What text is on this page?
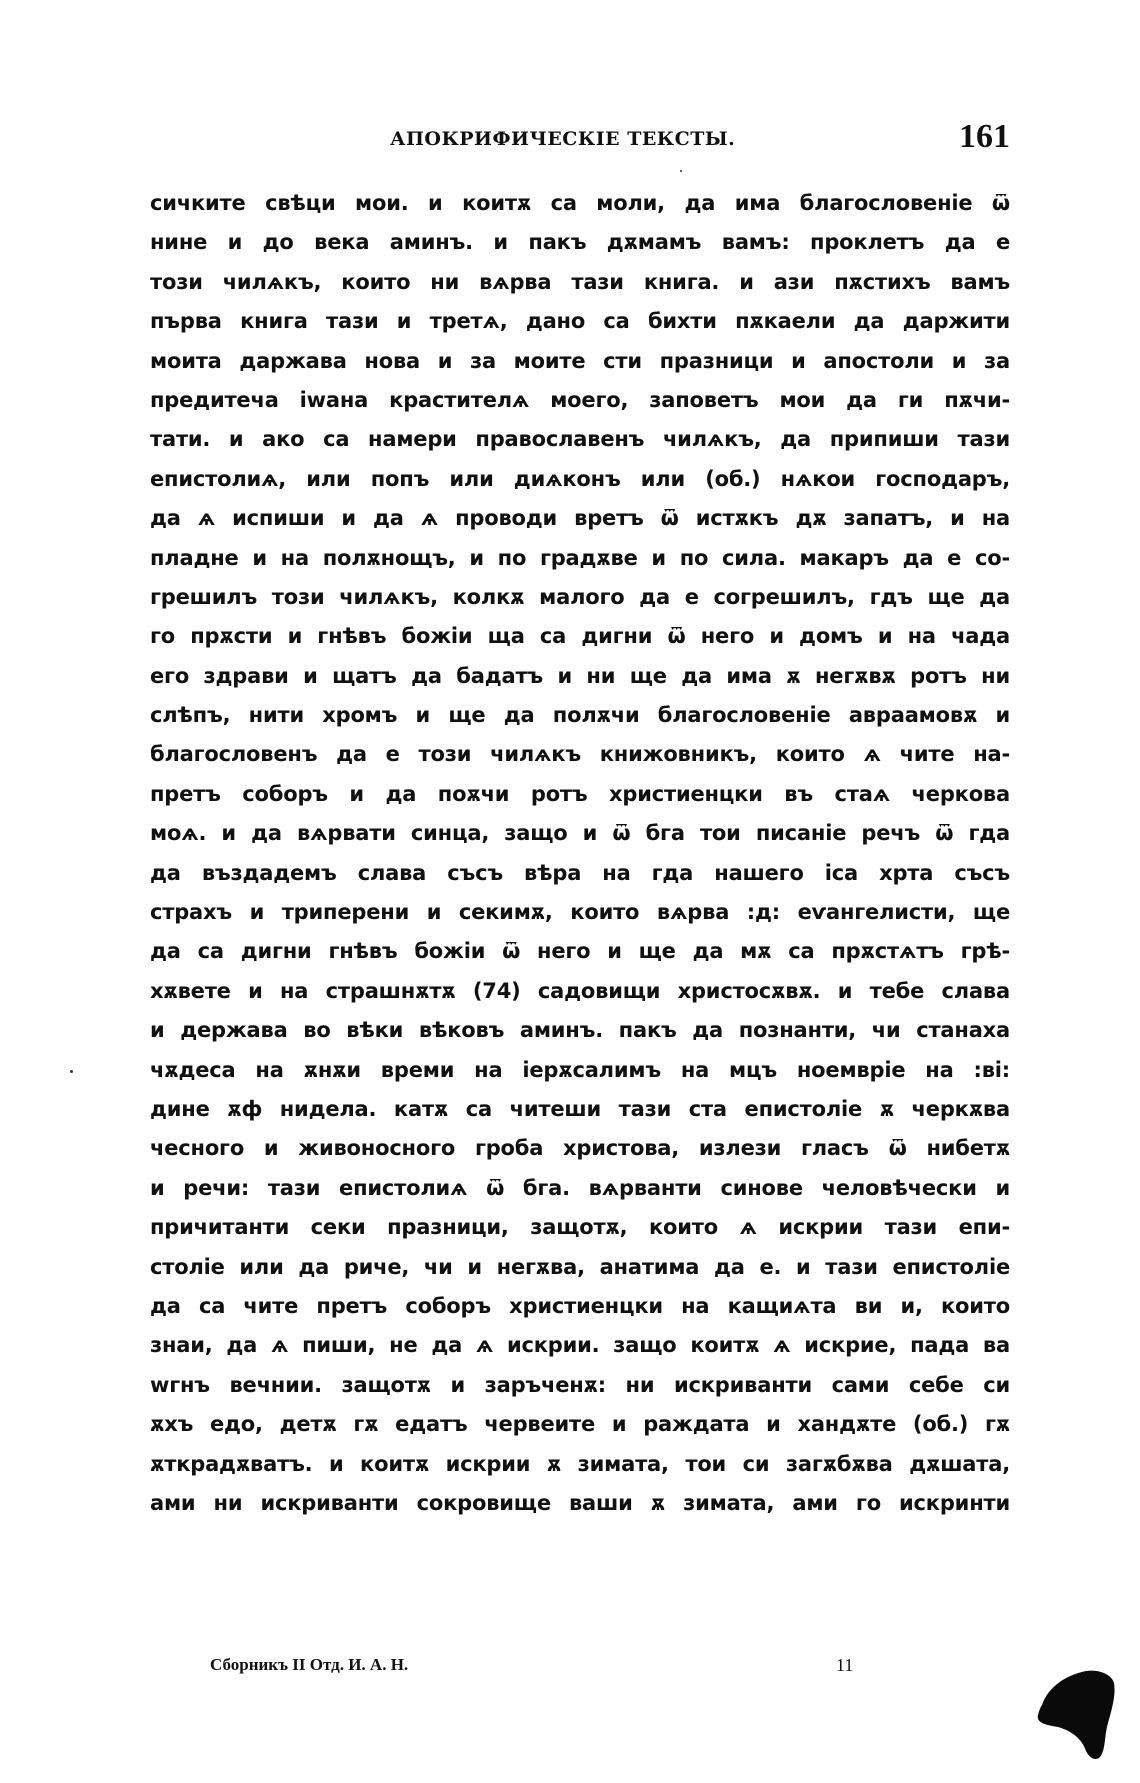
АПОКРИФИЧЕСКІЕ ТЕКСТЫ.	161
сичките свѣци мои. и коитѫ са моли, да има благословеніе ѿ
нине и до века аминъ. и пакъ дѫмамъ вамъ: проклетъ да е
този чилѧкъ, които ни вѧрва тази книга. и ази пѫстихъ вамъ
първа книга тази и третѧ, дано са бихти пѫкаели да дaржити
моита дaржава нова и за моите сти празници и апостоли и за
предитеча іwана крастителѧ моего, заповетъ мои да ги пѫчи-
тати. и ако са намери православенъ чилѧкъ, да припиши тази
епистолиѧ, или попъ или диѧконъ или (об.) нѧкои господаръ,
да ѧ испиши и да ѧ проводи вретъ ѿ истѫкъ дѫ зaпатъ, и на
пладне и на полѫнощъ, и по градѫве и по сила. макаръ да е со-
грешилъ този чилѧкъ, колкѫ малого да е согрешилъ, гдъ ще да
го прѫсти и гнѣвъ божіи ща са дигни ѿ него и домъ и на чада
его здрави и щатъ да бадатъ и ни ще да има ѫ негѫвѫ ротъ ни
слѣпъ, нити хромъ и ще да полѫчи благословеніе авраамовѫ и
благословенъ да е този чилѧкъ книжовникъ, които ѧ чите на-
претъ соборъ и да поѫчи ротъ христиенцки въ стаѧ черкова
моѧ. и да вѧрвати синца, защо и ѿ бга тои писаніе речъ ѿ гда
да въздадемъ слава съсъ вѣра на гда нашего іса хрта съсъ
страхъ и триперени и секимѫ, които вѧрва :д: еѵангелисти, ще
да са дигни гнѣвъ божіи ѿ него и ще да мѫ са прѫстѧтъ грѣ-
хѫвете и на страшнѫтѫ (74) садовищи христосѫвѫ. и тебе слава
и держава во вѣки вѣковъ аминъ. пакъ да познанти, чи станаха
чѫдеса на ѫнѫи времи на іерѫсалимъ на мцъ ноемвріе на :ві:
дине ѫф нидела. катѫ са читеши тази ста епистоліе ѫ черкѫва
чесного и живоносного гроба христова, излези гласъ ѿ нибетѫ
и речи: тази епистолиѧ ѿ бга. вѧрванти синове человѣчески и
причитанти секи празници, защотѫ, които ѧ искрии тази епи-
століе или да ричe, чи и негѫва, анатима да е. и тази епистоліе
да са чите претъ соборъ христиенцки на кащиѧта ви и, които
знаи, да ѧ пиши, не да ѧ искрии. защо коитѫ ѧ искрие, пада ва
wгнъ вечнии. защотѫ и заръченѫ: ни искриванти сами себе си
ѫхъ едо, детѫ гѫ едатъ червеите и раждата и хандѫте (об.) гѫ
ѫткрадѫватъ. и коитѫ искрии ѫ зимата, тои си загѫбѫва дѫшата,
ами ни искриванти сокровище ваши ѫ зимата, ами го искринти
Сборникъ II Отд. И. А. Н.	11
